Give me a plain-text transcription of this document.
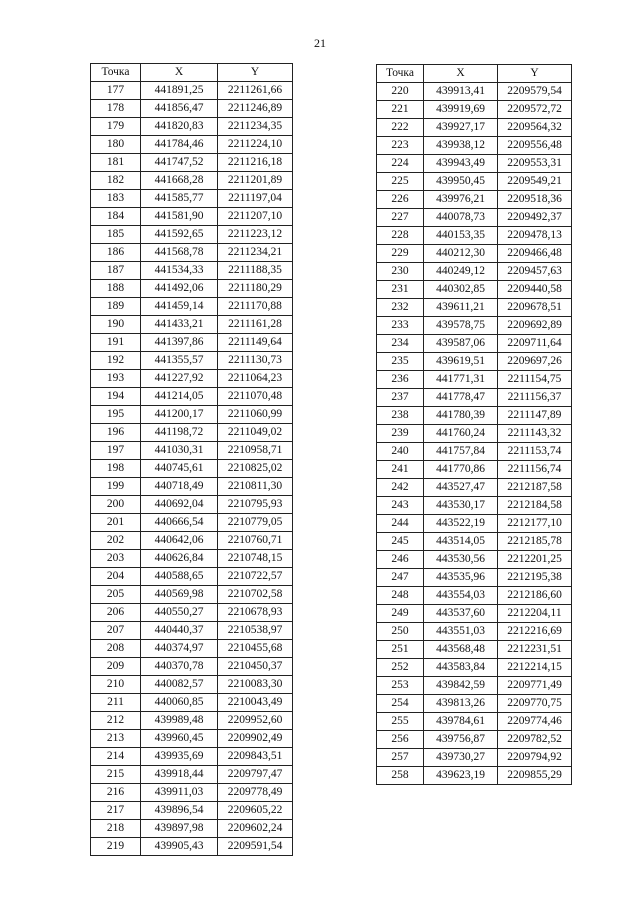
21
Точка	X	Y
177	441891,25	2211261,66
178	441856,47	2211246,89
179	441820,83	2211234,35
180	441784,46	2211224,10
181	441747,52	2211216,18
182	441668,28	2211201,89
183	441585,77	2211197,04
184	441581,90	2211207,10
185	441592,65	2211223,12
186	441568,78	2211234,21
187	441534,33	2211188,35
188	441492,06	2211180,29
189	441459,14	2211170,88
190	441433,21	2211161,28
191	441397,86	2211149,64
192	441355,57	2211130,73
193	441227,92	2211064,23
194	441214,05	2211070,48
195	441200,17	2211060,99
196	441198,72	2211049,02
197	441030,31	2210958,71
198	440745,61	2210825,02
199	440718,49	2210811,30
200	440692,04	2210795,93
201	440666,54	2210779,05
202	440642,06	2210760,71
203	440626,84	2210748,15
204	440588,65	2210722,57
205	440569,98	2210702,58
206	440550,27	2210678,93
207	440440,37	2210538,97
208	440374,97	2210455,68
209	440370,78	2210450,37
210	440082,57	2210083,30
211	440060,85	2210043,49
212	439989,48	2209952,60
213	439960,45	2209902,49
214	439935,69	2209843,51
215	439918,44	2209797,47
216	439911,03	2209778,49
217	439896,54	2209605,22
218	439897,98	2209602,24
219	439905,43	2209591,54
Точка	X	Y
220	439913,41	2209579,54
221	439919,69	2209572,72
222	439927,17	2209564,32
223	439938,12	2209556,48
224	439943,49	2209553,31
225	439950,45	2209549,21
226	439976,21	2209518,36
227	440078,73	2209492,37
228	440153,35	2209478,13
229	440212,30	2209466,48
230	440249,12	2209457,63
231	440302,85	2209440,58
232	439611,21	2209678,51
233	439578,75	2209692,89
234	439587,06	2209711,64
235	439619,51	2209697,26
236	441771,31	2211154,75
237	441778,47	2211156,37
238	441780,39	2211147,89
239	441760,24	2211143,32
240	441757,84	2211153,74
241	441770,86	2211156,74
242	443527,47	2212187,58
243	443530,17	2212184,58
244	443522,19	2212177,10
245	443514,05	2212185,78
246	443530,56	2212201,25
247	443535,96	2212195,38
248	443554,03	2212186,60
249	443537,60	2212204,11
250	443551,03	2212216,69
251	443568,48	2212231,51
252	443583,84	2212214,15
253	439842,59	2209771,49
254	439813,26	2209770,75
255	439784,61	2209774,46
256	439756,87	2209782,52
257	439730,27	2209794,92
258	439623,19	2209855,29
